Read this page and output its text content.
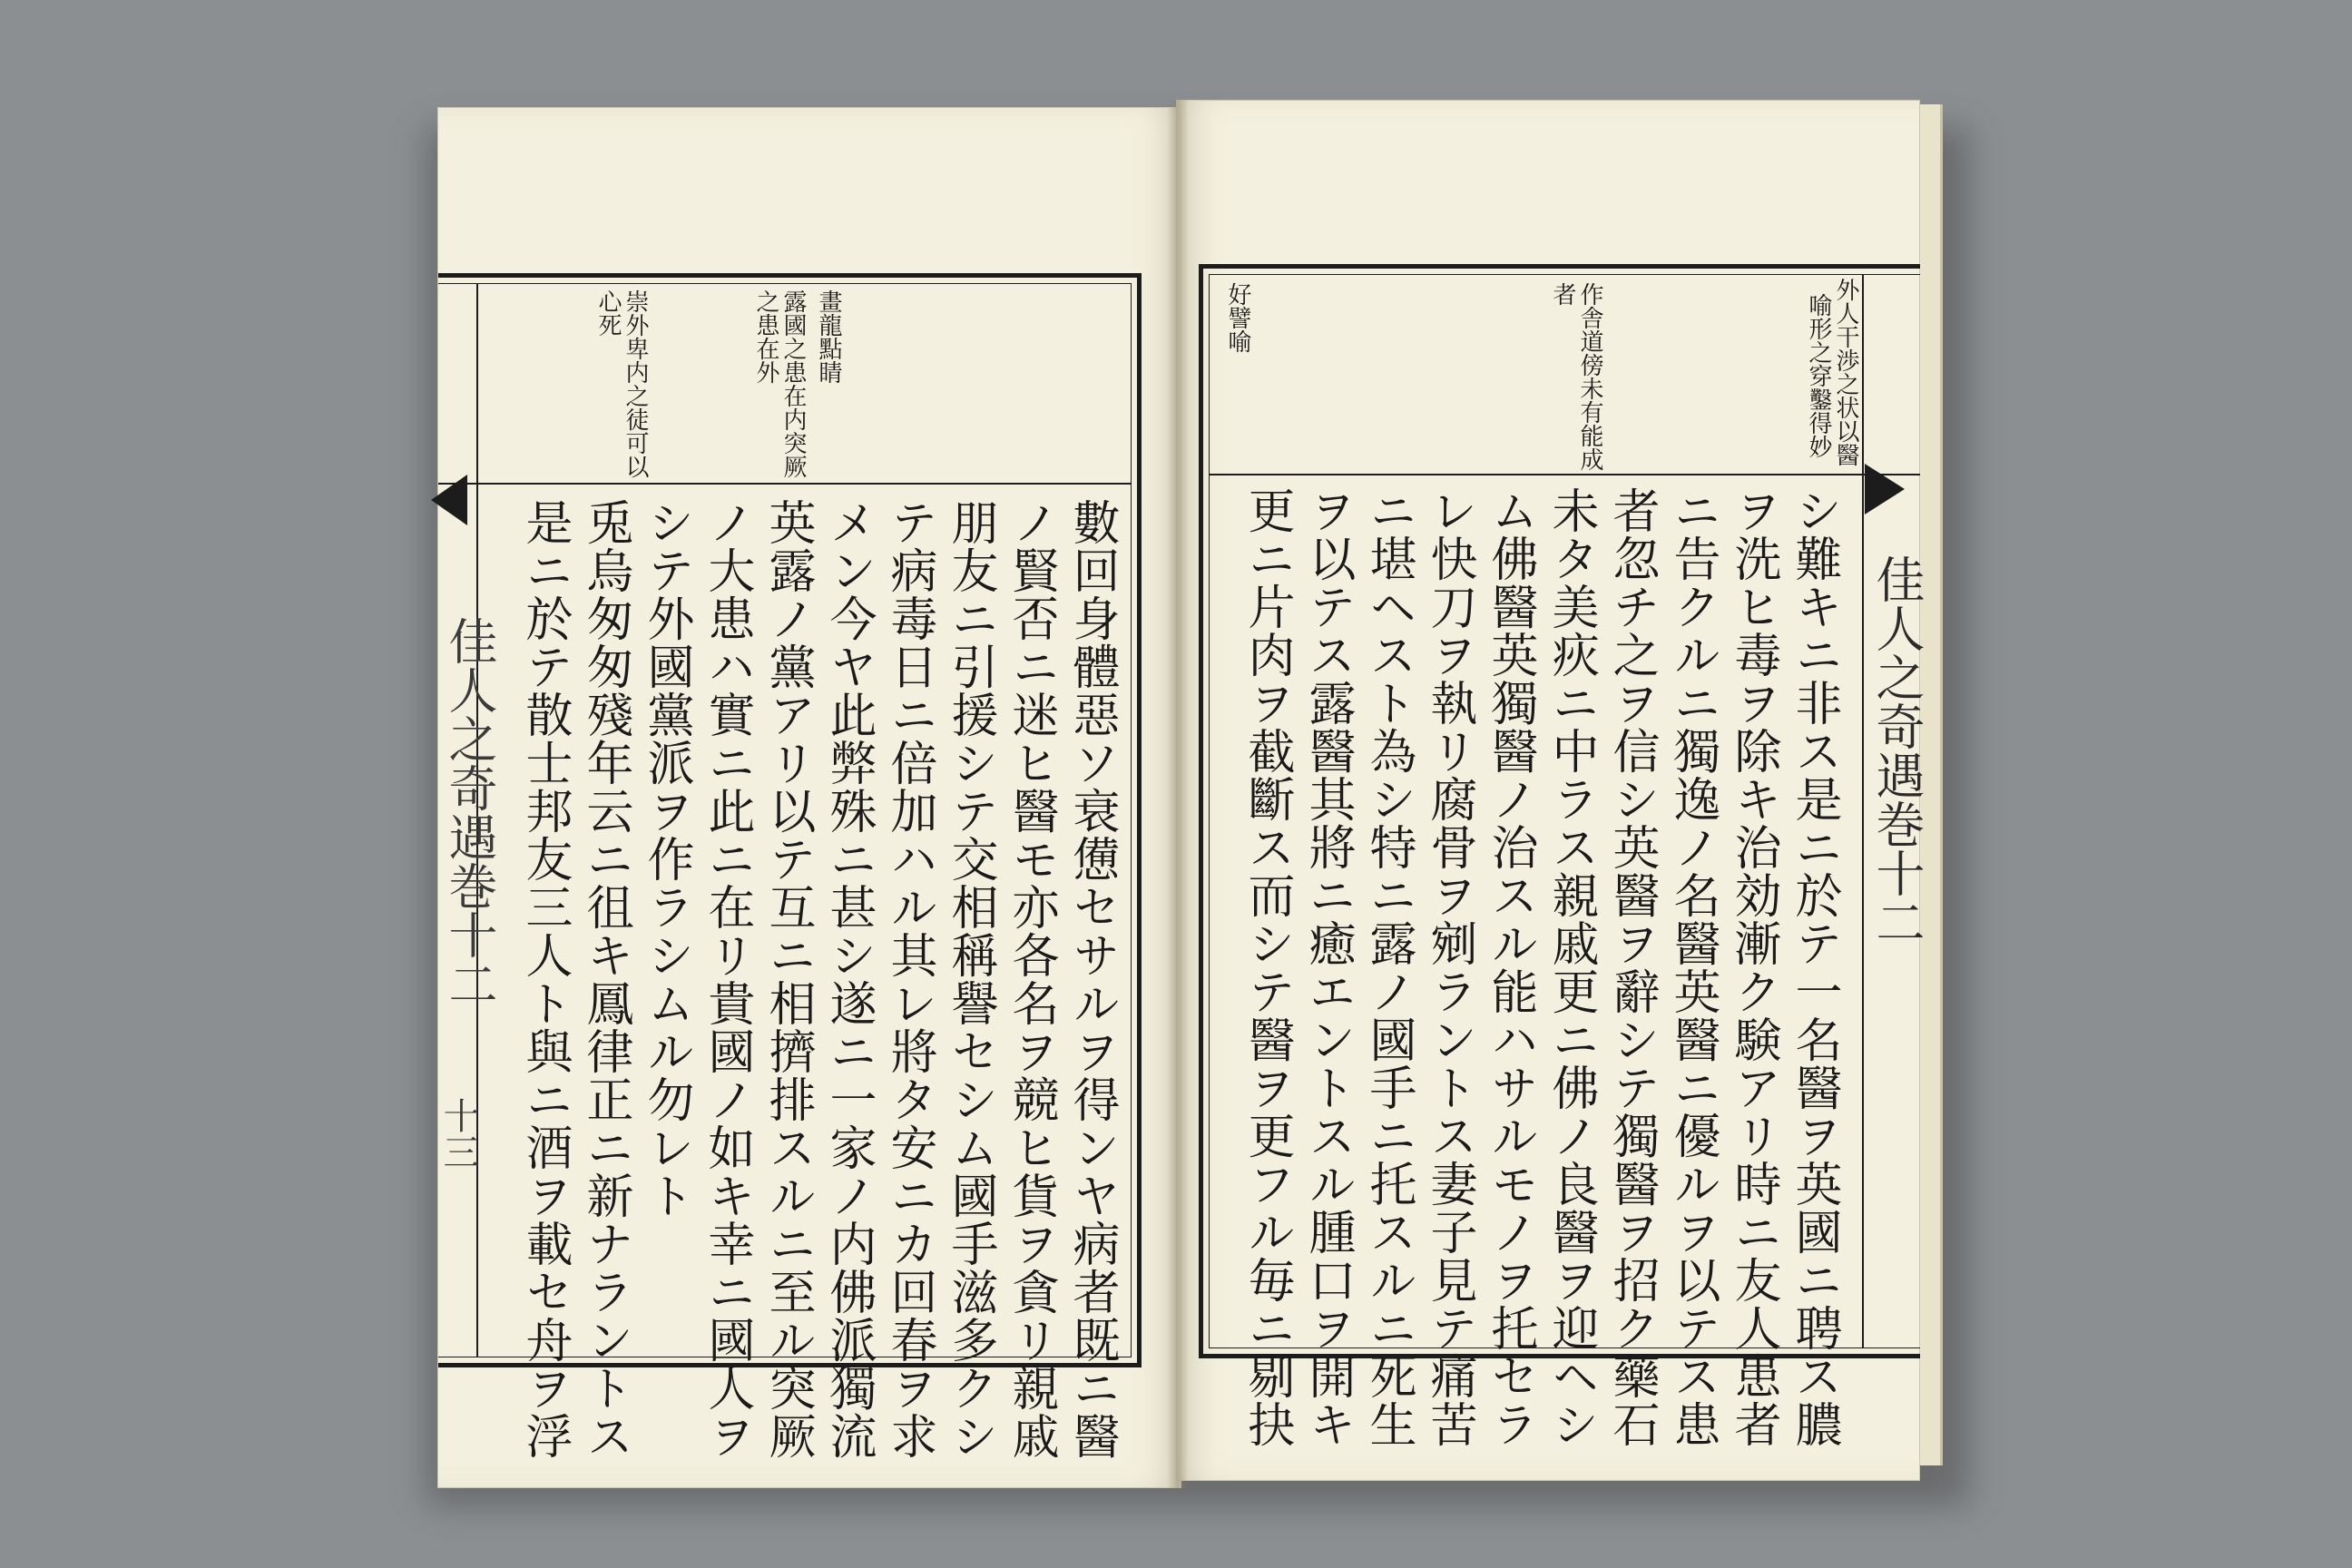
佳人之奇遇巻十二
十三
畫龍點睛
露國之患在内突厥
之患在外
崇外卑内之徒可以
心死
數回身體惡ソ衰憊セサルヲ得ンヤ病者既ニ醫
ノ賢否ニ迷ヒ醫モ亦各名ヲ競ヒ貨ヲ貪リ親戚
朋友ニ引援シテ交相稱譽セシム國手滋多クシ
テ病毒日ニ倍加ハル其レ將タ安ニカ回春ヲ求
メン今ヤ此弊殊ニ甚シ遂ニ一家ノ内佛派獨流
英露ノ黨アリ以テ互ニ相擠排スルニ至ル突厥
ノ大患ハ實ニ此ニ在リ貴國ノ如キ幸ニ國人ヲ
シテ外國黨派ヲ作ラシムル勿レト
兎烏匆匆殘年云ニ徂キ鳳律正ニ新ナラントス
是ニ於テ散士邦友三人ト與ニ酒ヲ載セ舟ヲ浮	佳人之奇遇巻十二
外人干渉之状以醫
喻形之穿鑿得妙
作舎道傍未有能成
者
好譬喻
シ難キニ非ス是ニ於テ一名醫ヲ英國ニ聘ス膿
ヲ洗ヒ毒ヲ除キ治効漸ク験アリ時ニ友人患者
ニ告クルニ獨逸ノ名醫英醫ニ優ルヲ以テス患
者忽チ之ヲ信シ英醫ヲ辭シテ獨醫ヲ招ク藥石
未タ美疢ニ中ラス親戚更ニ佛ノ良醫ヲ迎ヘシ
ム佛醫英獨醫ノ治スル能ハサルモノヲ托セラ
レ快刀ヲ執リ腐骨ヲ剜ラントス妻子見テ痛苦
ニ堪ヘスト為シ特ニ露ノ國手ニ托スルニ死生
ヲ以テス露醫其將ニ癒エントスル腫口ヲ開キ
更ニ片肉ヲ截斷ス而シテ醫ヲ更フル毎ニ剔抉
